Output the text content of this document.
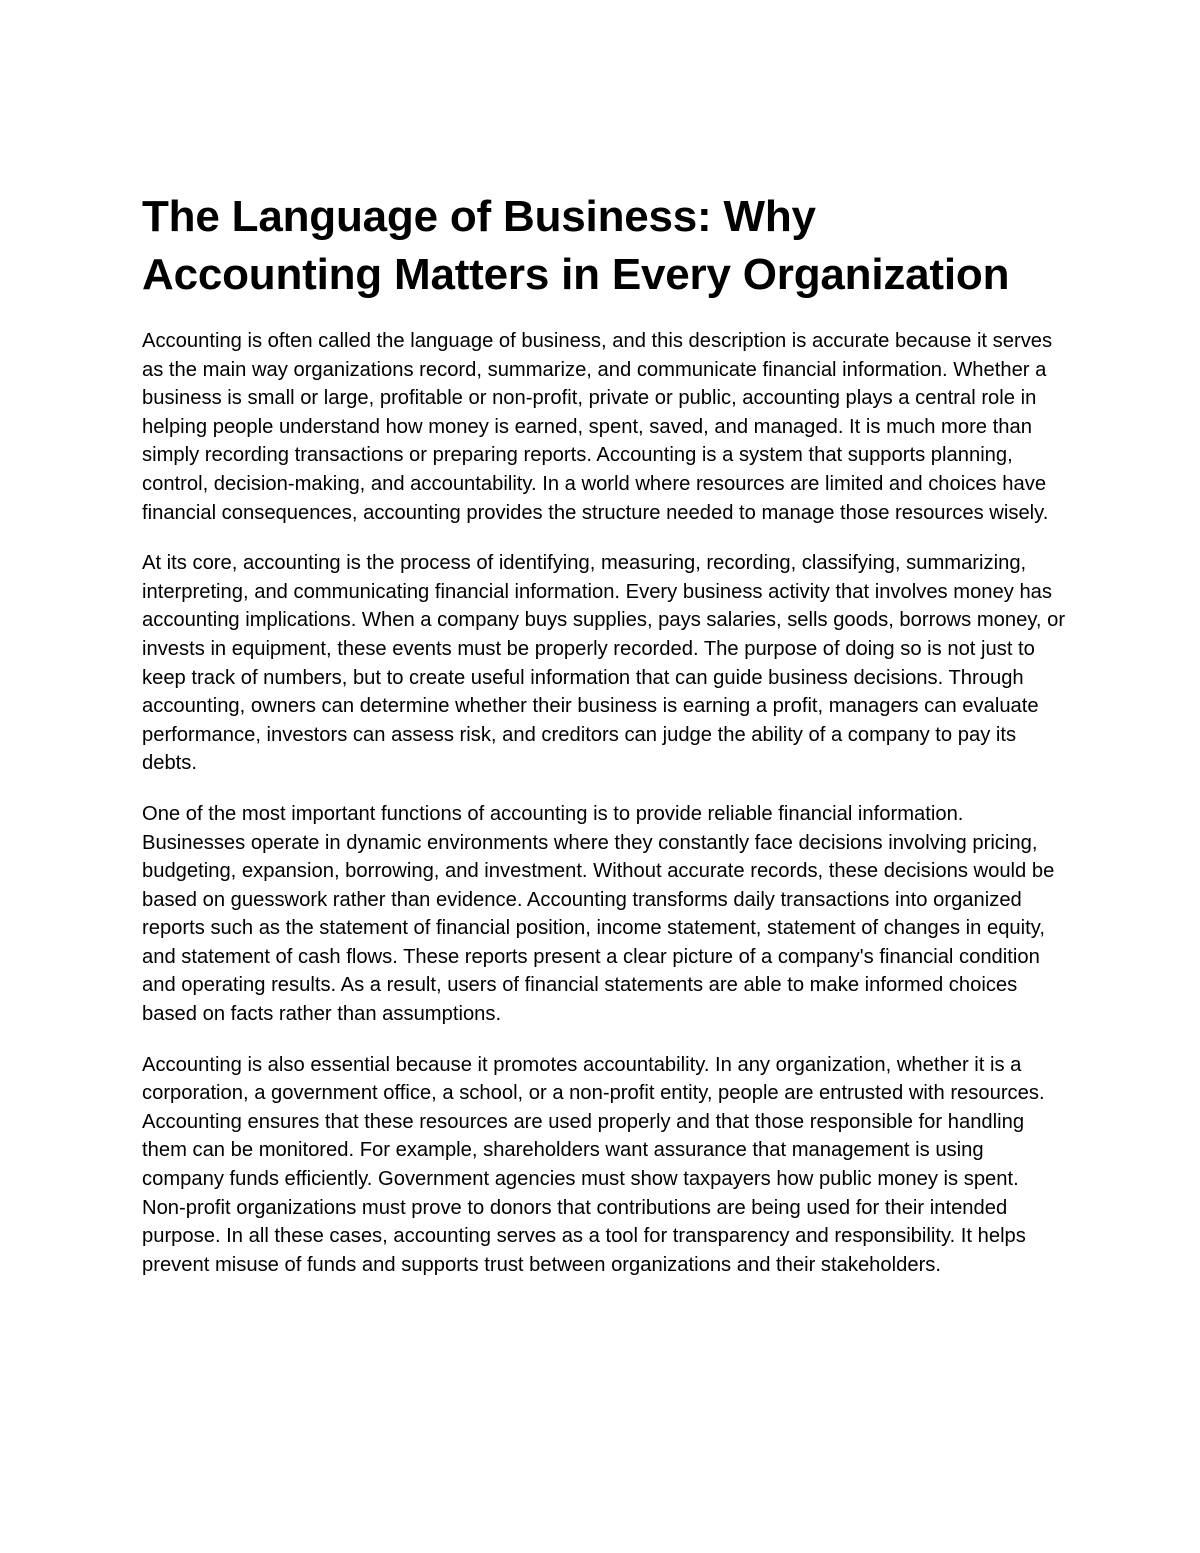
The Language of Business: Why Accounting Matters in Every Organization

Accounting is often called the language of business, and this description is accurate because it serves as the main way organizations record, summarize, and communicate financial information. Whether a business is small or large, profitable or non-profit, private or public, accounting plays a central role in helping people understand how money is earned, spent, saved, and managed. It is much more than simply recording transactions or preparing reports. Accounting is a system that supports planning, control, decision-making, and accountability. In a world where resources are limited and choices have financial consequences, accounting provides the structure needed to manage those resources wisely.

At its core, accounting is the process of identifying, measuring, recording, classifying, summarizing, interpreting, and communicating financial information. Every business activity that involves money has accounting implications. When a company buys supplies, pays salaries, sells goods, borrows money, or invests in equipment, these events must be properly recorded. The purpose of doing so is not just to keep track of numbers, but to create useful information that can guide business decisions. Through accounting, owners can determine whether their business is earning a profit, managers can evaluate performance, investors can assess risk, and creditors can judge the ability of a company to pay its debts.

One of the most important functions of accounting is to provide reliable financial information. Businesses operate in dynamic environments where they constantly face decisions involving pricing, budgeting, expansion, borrowing, and investment. Without accurate records, these decisions would be based on guesswork rather than evidence. Accounting transforms daily transactions into organized reports such as the statement of financial position, income statement, statement of changes in equity, and statement of cash flows. These reports present a clear picture of a company's financial condition and operating results. As a result, users of financial statements are able to make informed choices based on facts rather than assumptions.

Accounting is also essential because it promotes accountability. In any organization, whether it is a corporation, a government office, a school, or a non-profit entity, people are entrusted with resources. Accounting ensures that these resources are used properly and that those responsible for handling them can be monitored. For example, shareholders want assurance that management is using company funds efficiently. Government agencies must show taxpayers how public money is spent. Non-profit organizations must prove to donors that contributions are being used for their intended purpose. In all these cases, accounting serves as a tool for transparency and responsibility. It helps prevent misuse of funds and supports trust between organizations and their stakeholders.
